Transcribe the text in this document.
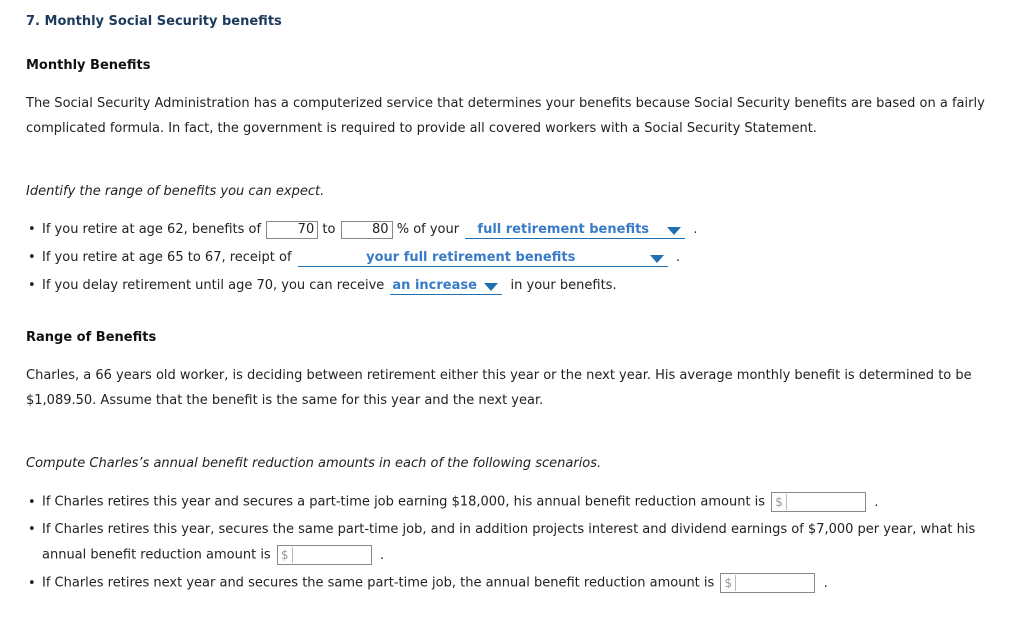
7. Monthly Social Security benefits
Monthly Benefits
The Social Security Administration has a computerized service that determines your benefits because Social Security benefits are based on a fairly
complicated formula. In fact, the government is required to provide all covered workers with a Social Security Statement.
Identify the range of benefits you can expect.
• If you retire at age 62, benefits of	70 to	80 % of your full retirement benefits	.
• If you retire at age 65 to 67, receipt of	your full retirement benefits	.
• If you delay retirement until age 70, you can receive an increase	in your benefits.
Range of Benefits
Charles, a 66 years old worker, is deciding between retirement either this year or the next year. His average monthly benefit is determined to be
$1,089.50. Assume that the benefit is the same for this year and the next year.
Compute Charles’s annual benefit reduction amounts in each of the following scenarios.
• If Charles retires this year and secures a part-time job earning $18,000, his annual benefit reduction amount is $	.
• If Charles retires this year, secures the same part-time job, and in addition projects interest and dividend earnings of $7,000 per year, what his
annual benefit reduction amount is $	.
• If Charles retires next year and secures the same part-time job, the annual benefit reduction amount is $	.
